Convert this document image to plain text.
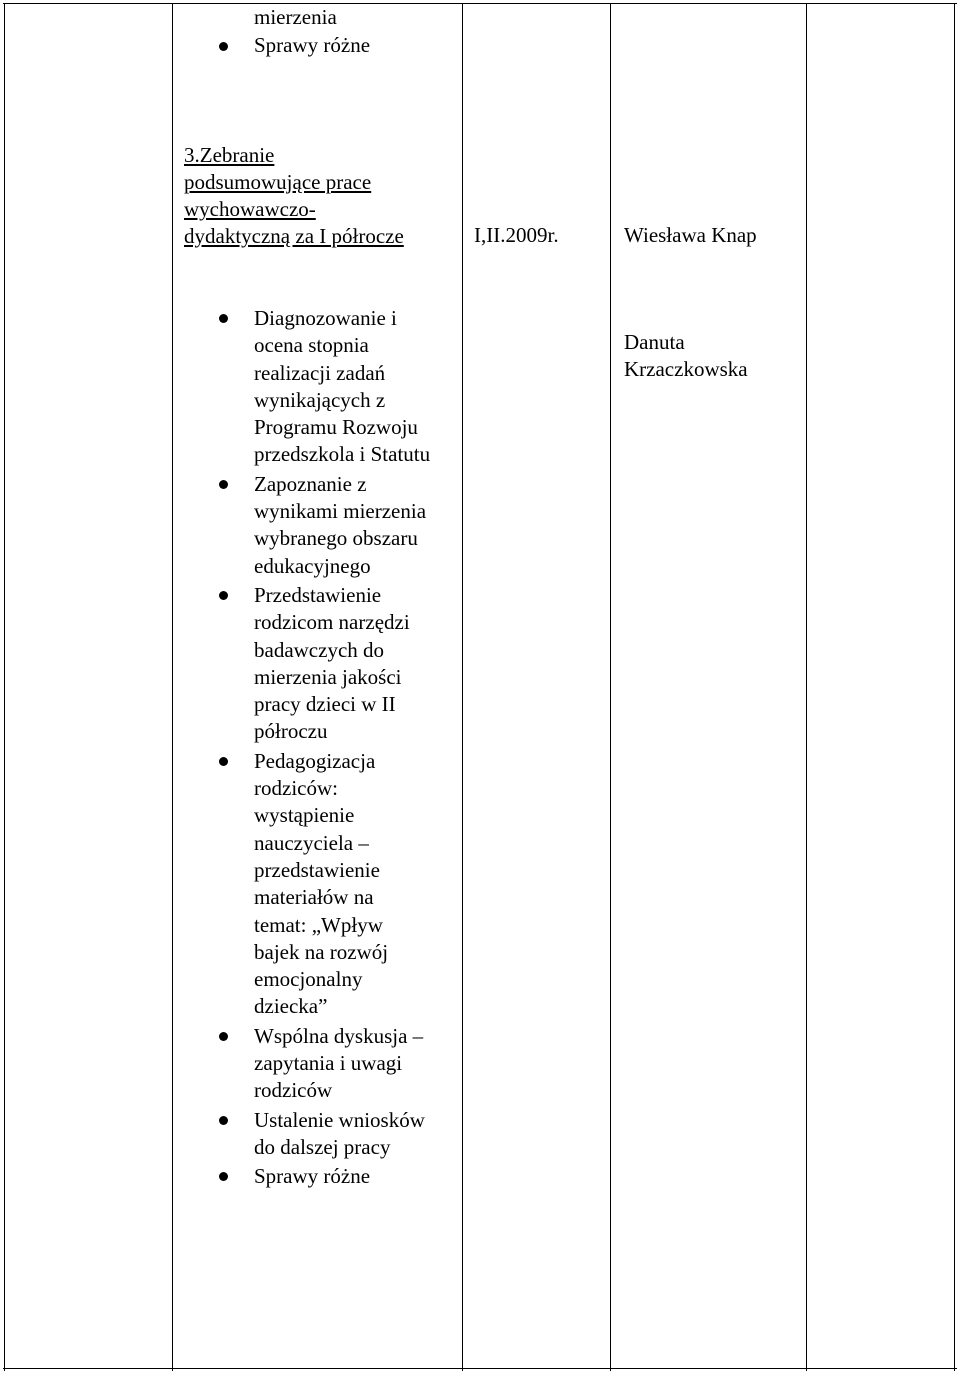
mierzenia
Sprawy różne
3.Zebranie
podsumowujące prace
wychowawczo-
dydaktyczną za I półrocze	I,II.2009r.	Wiesława Knap
Diagnozowanie i
ocena stopnia
realizacji zadań
wynikających z
Programu Rozwoju
przedszkola i Statutu
Zapoznanie z
wynikami mierzenia
wybranego obszaru
edukacyjnego
Przedstawienie
rodzicom narzędzi
badawczych do
mierzenia jakości
pracy dzieci w II
półroczu
Pedagogizacja
rodziców:
wystąpienie
nauczyciela –
przedstawienie
materiałów na
temat: „Wpływ
bajek na rozwój
emocjonalny
dziecka”
Wspólna dyskusja –
zapytania i uwagi
rodziców
Ustalenie wniosków
do dalszej pracy
Sprawy różne
Danuta
Krzaczkowska
